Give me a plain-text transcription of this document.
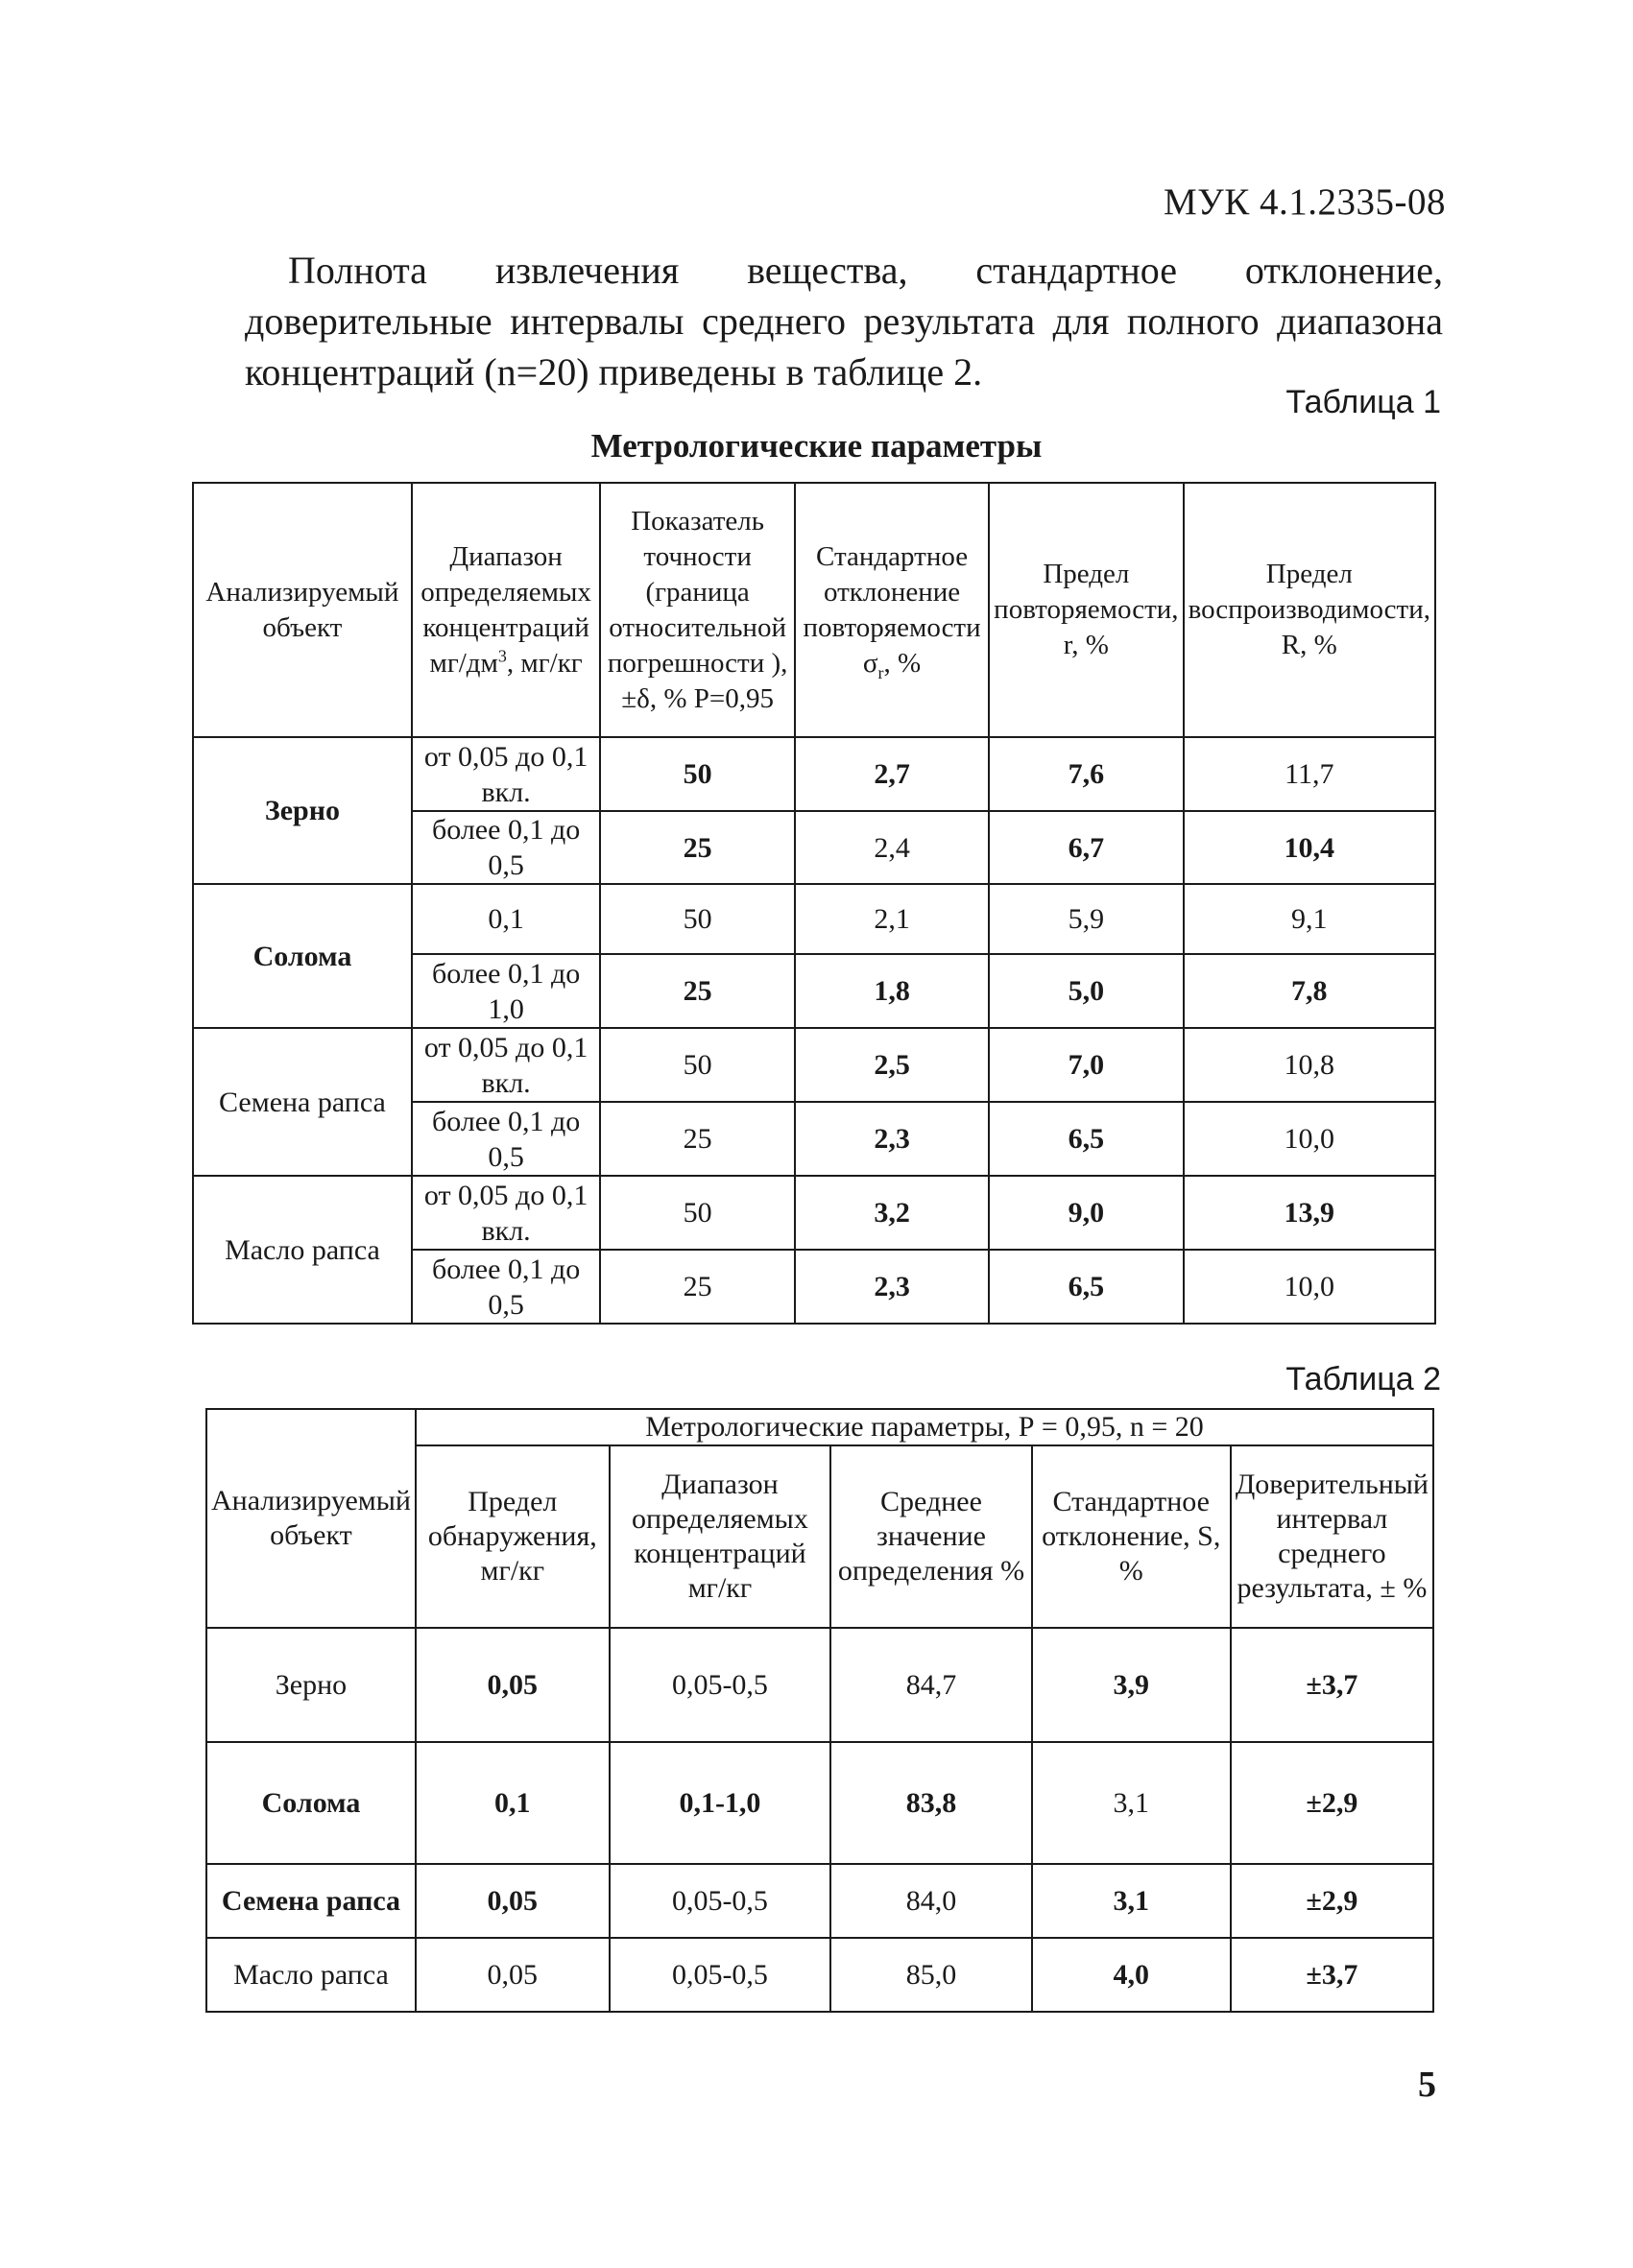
МУК 4.1.2335-08

Полнота извлечения вещества, стандартное отклонение, доверительные интервалы среднего результата для полного диапазона концентраций (n=20) приведены в таблице 2.

Таблица 1
Метрологические параметры
Анализируемый объект	Диапазон определяемых концентраций $мг/дм^3$, мг/кг	Показатель точности (граница относительной погрешности ), ±δ, % Р=0,95	Стандартное отклонение повторяемости $\sigma_r$, %	Предел повторяемости, r, %	Предел воспроизводимости, R, %
Зерно	от 0,05 до 0,1 вкл.	50	2,7	7,6	11,7
	более 0,1 до 0,5	25	2,4	6,7	10,4
Солома	0,1	50	2,1	5,9	9,1
	более 0,1 до 1,0	25	1,8	5,0	7,8
Семена рапса	от 0,05 до 0,1 вкл.	50	2,5	7,0	10,8
	более 0,1 до 0,5	25	2,3	6,5	10,0
Масло рапса	от 0,05 до 0,1 вкл.	50	3,2	9,0	13,9
	более 0,1 до 0,5	25	2,3	6,5	10,0
Таблица 2
Анализируемый объект	Метрологические параметры, Р = 0,95, n = 20				
	Предел обнаружения, мг/кг	Диапазон определяемых концентраций мг/кг	Среднее значение определения %	Стандартное отклонение, S, %	Доверительный интервал среднего результата, ± %
Зерно	0,05	0,05-0,5	84,7	3,9	±3,7
Солома	0,1	0,1-1,0	83,8	3,1	±2,9
Семена рапса	0,05	0,05-0,5	84,0	3,1	±2,9
Масло рапса	0,05	0,05-0,5	85,0	4,0	±3,7
5
